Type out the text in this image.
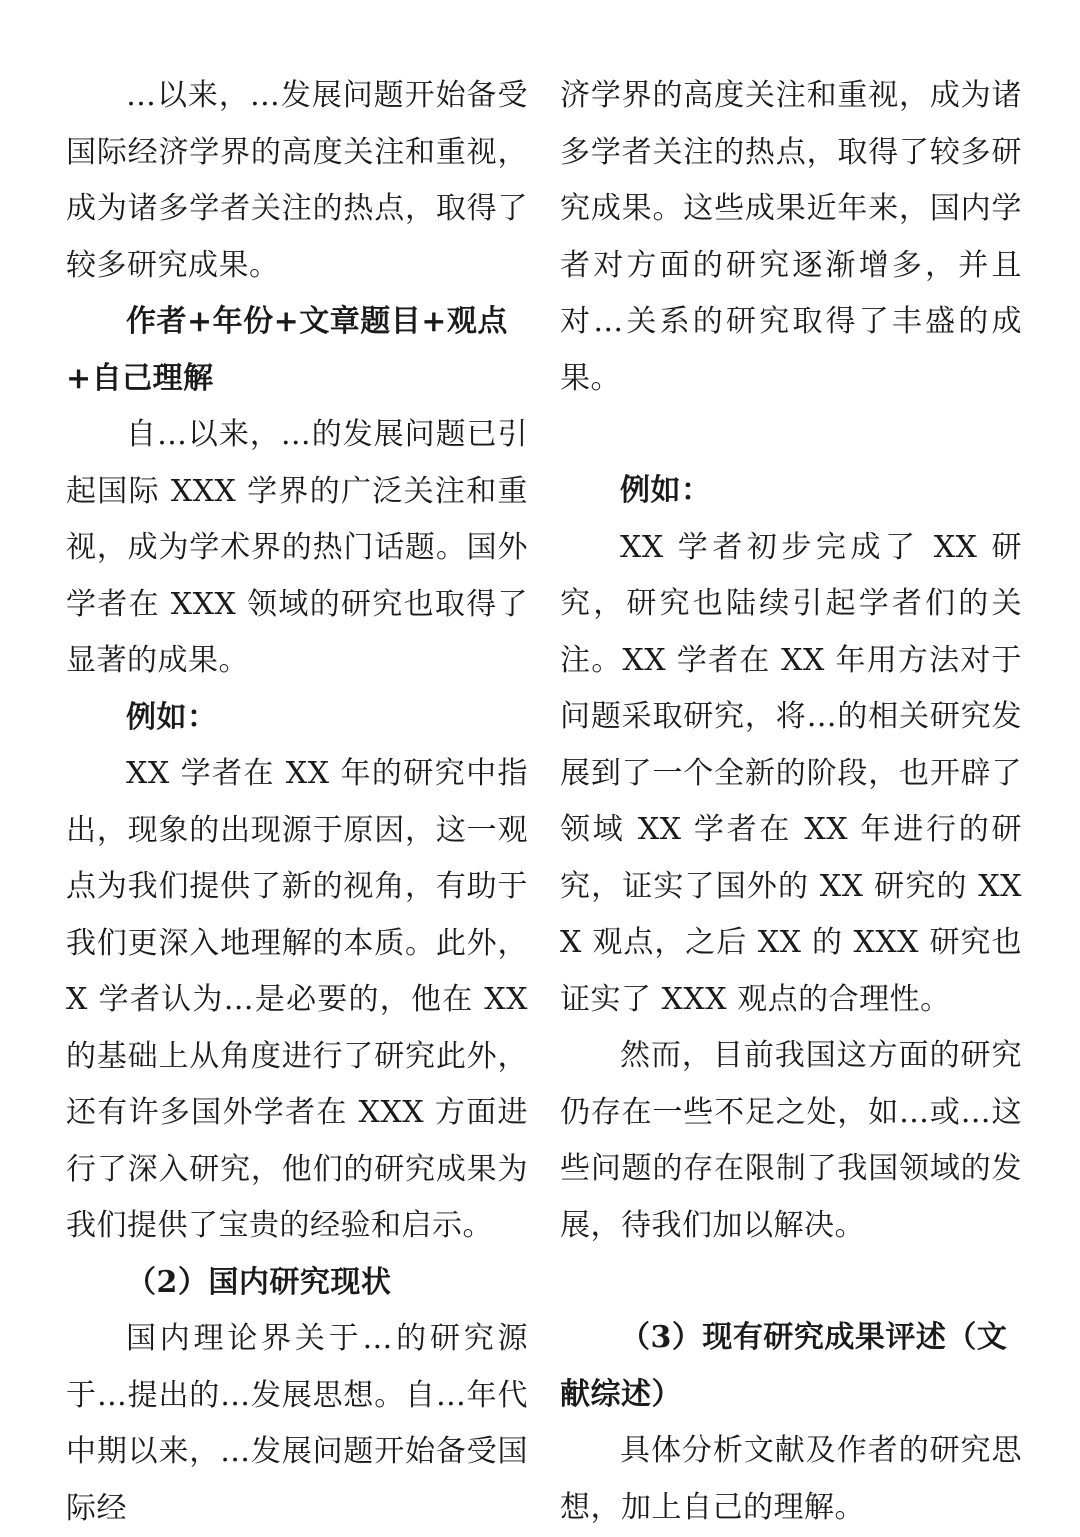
…以来，…发展问题开始备受国际经济学界的高度关注和重视，成为诸多学者关注的热点，取得了较多研究成果。

作者+年份+文章题目+观点+自己理解

自…以来，…的发展问题已引起国际 XXX 学界的广泛关注和重视，成为学术界的热门话题。国外学者在 XXX 领域的研究也取得了显著的成果。

例如：

XX 学者在 XX 年的研究中指出，现象的出现源于原因，这一观点为我们提供了新的视角，有助于我们更深入地理解的本质。此外，X 学者认为…是必要的，他在 XX 的基础上从角度进行了研究此外，还有许多国外学者在 XXX 方面进行了深入研究，他们的研究成果为我们提供了宝贵的经验和启示。

（2）国内研究现状

国内理论界关于…的研究源于…提出的…发展思想。自…年代中期以来，…发展问题开始备受国际经

济学界的高度关注和重视，成为诸多学者关注的热点，取得了较多研究成果。这些成果近年来，国内学者对方面的研究逐渐增多，并且对…关系的研究取得了丰盛的成果。

例如：

XX 学者初步完成了 XX 研究，研究也陆续引起学者们的关注。XX 学者在 XX 年用方法对于问题采取研究，将…的相关研究发展到了一个全新的阶段，也开辟了领域 XX 学者在 XX 年进行的研究，证实了国外的 XX 研究的 XXX 观点，之后 XX 的 XXX 研究也证实了 XXX 观点的合理性。

然而，目前我国这方面的研究仍存在一些不足之处，如…或…这些问题的存在限制了我国领域的发展，待我们加以解决。

（3）现有研究成果评述（文献综述）

具体分析文献及作者的研究思想，加上自己的理解。
